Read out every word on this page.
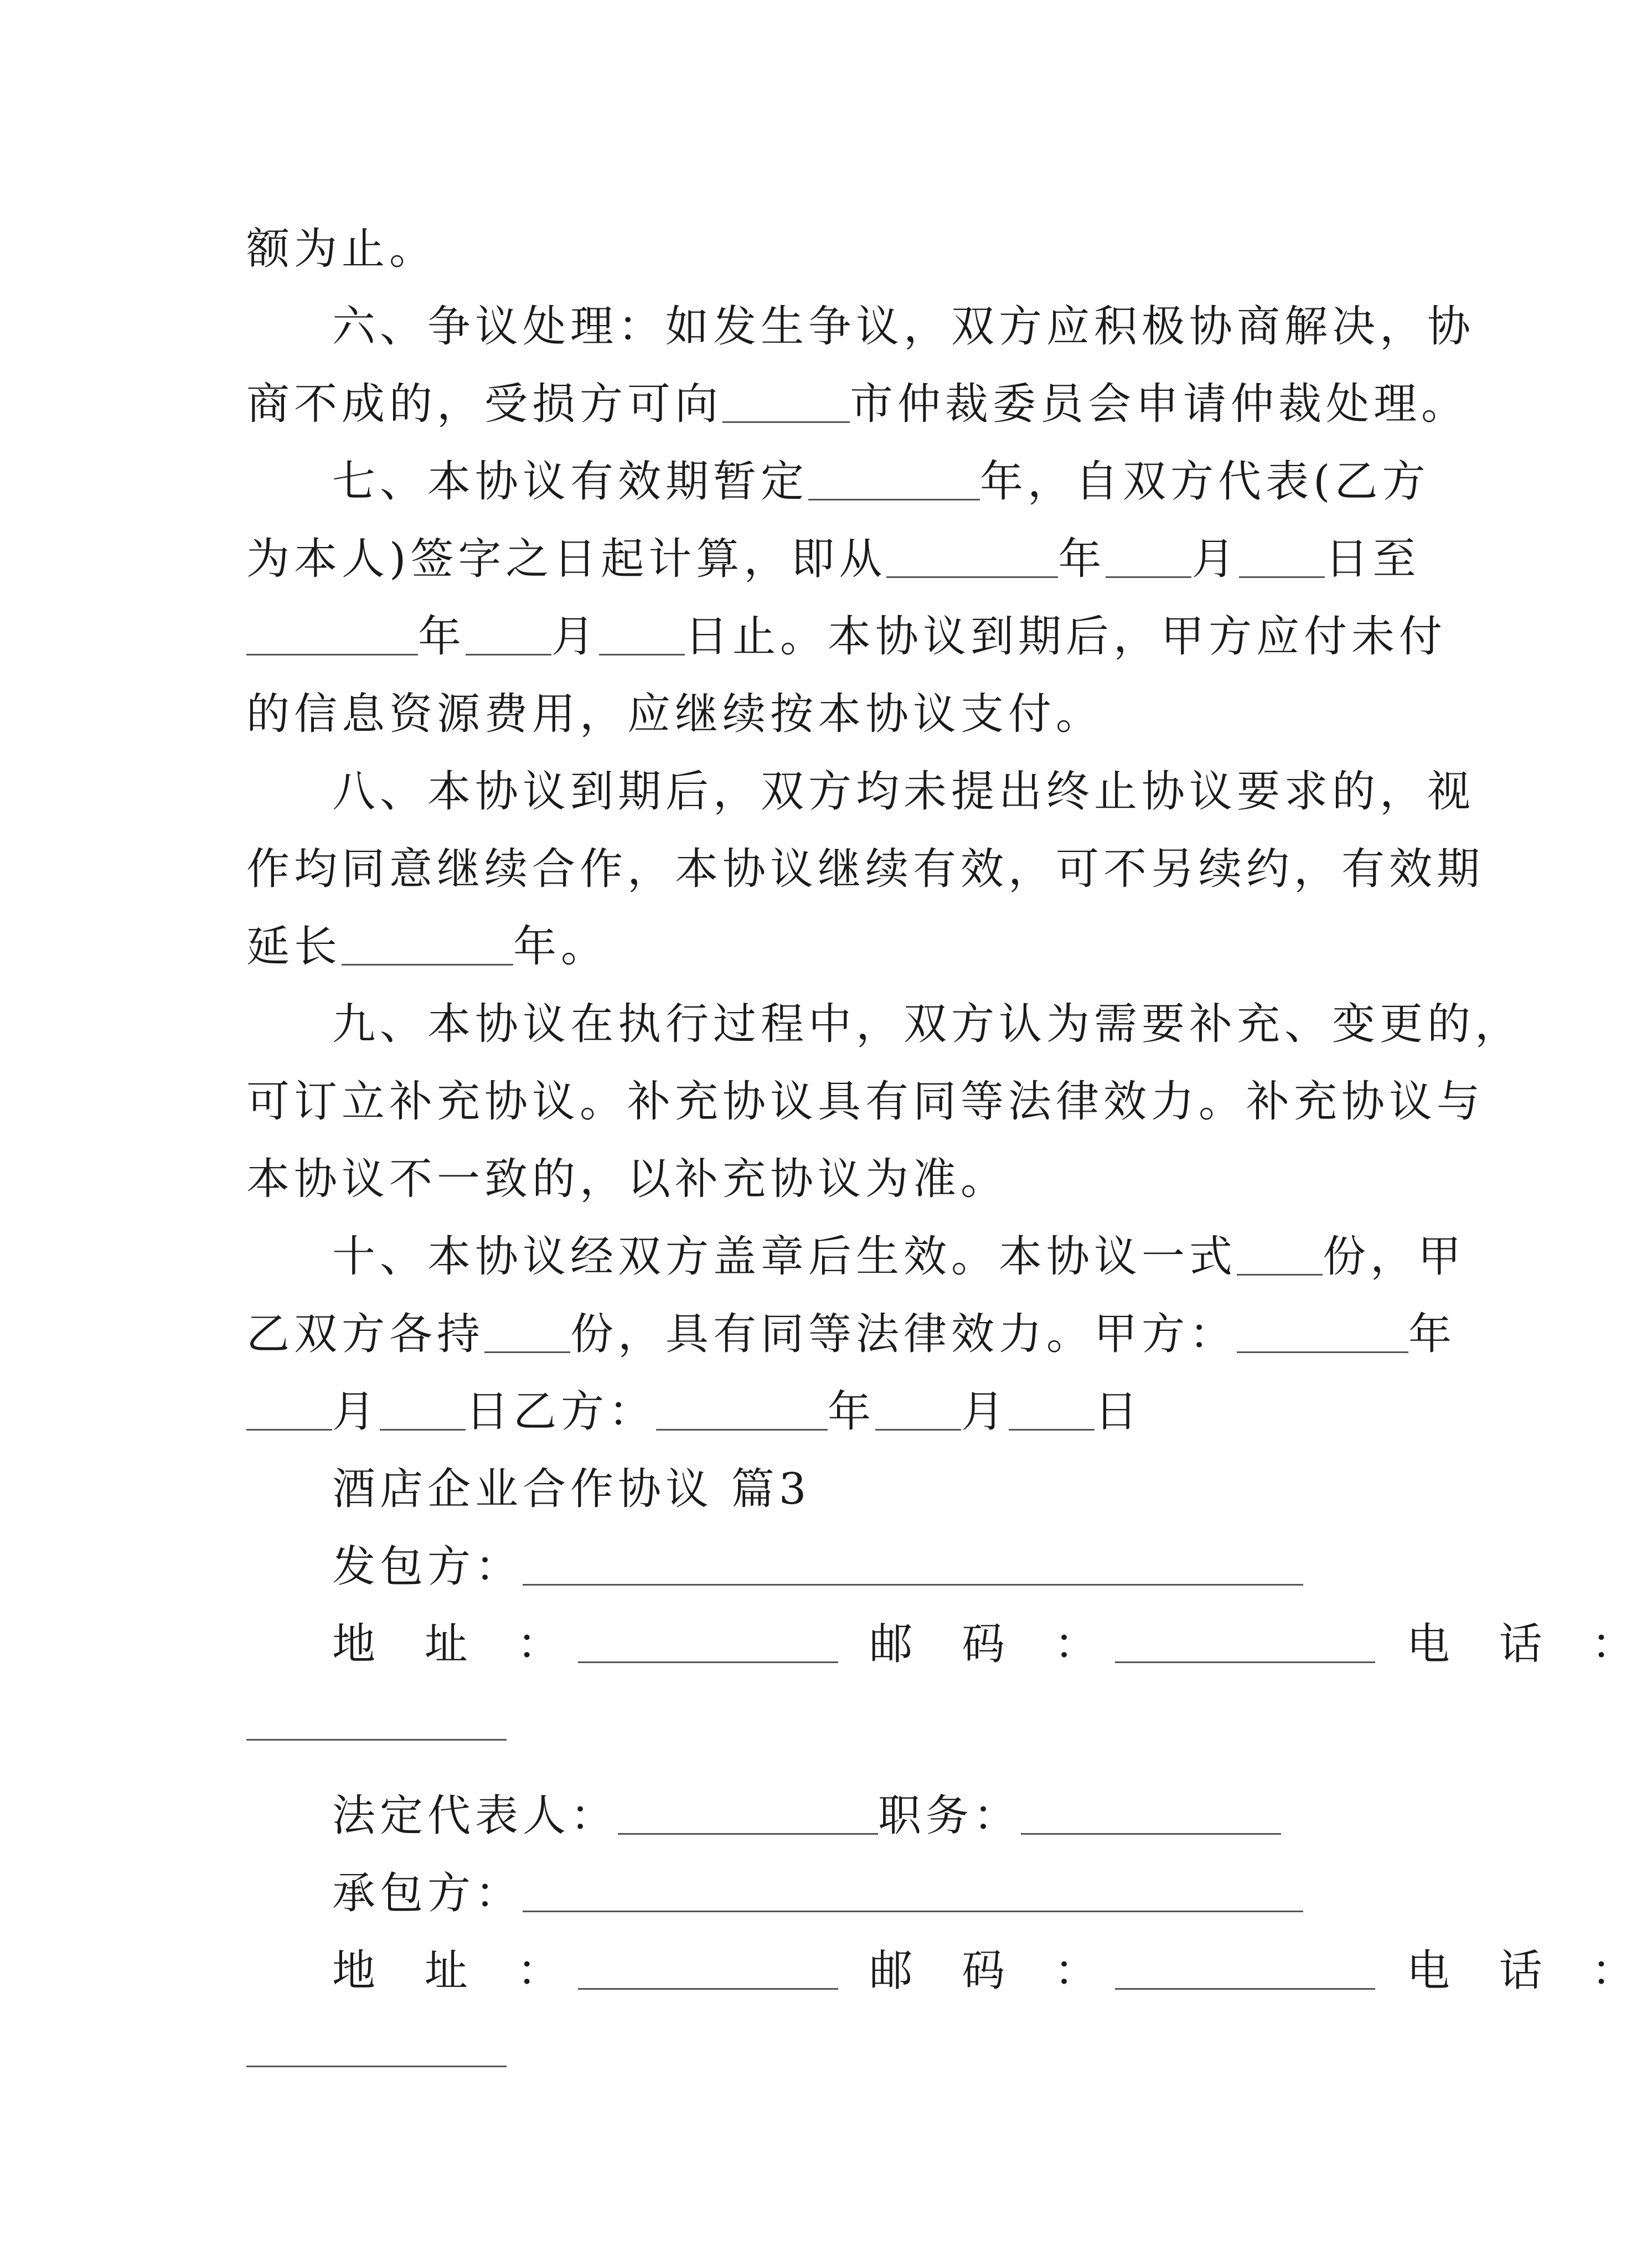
额为止。
六、争议处理：如发生争议，双方应积极协商解决，协
商不成的，受损方可向	市仲裁委员会申请仲裁处理。
七、本协议有效期暂定	年，自双方代表(乙方
为本人)签字之日起计算，即从	年 月 日至
年 月 日止。本协议到期后，甲方应付未付
的信息资源费用，应继续按本协议支付。
八、本协议到期后，双方均未提出终止协议要求的，视
作均同意继续合作，本协议继续有效，可不另续约，有效期
延长	年。
九、本协议在执行过程中，双方认为需要补充、变更的，
可订立补充协议。补充协议具有同等法律效力。补充协议与
本协议不一致的，以补充协议为准。
十、本协议经双方盖章后生效。本协议一式 份，甲
乙双方各持 份，具有同等法律效力。甲方：	年
月 日乙方：	年 月 日
酒店企业合作协议 篇3
发包方：
地 址 ：	邮 码 ：	电 话 ：
法定代表人：	职务：
承包方：
地 址 ：	邮 码 ：	电 话 ：
